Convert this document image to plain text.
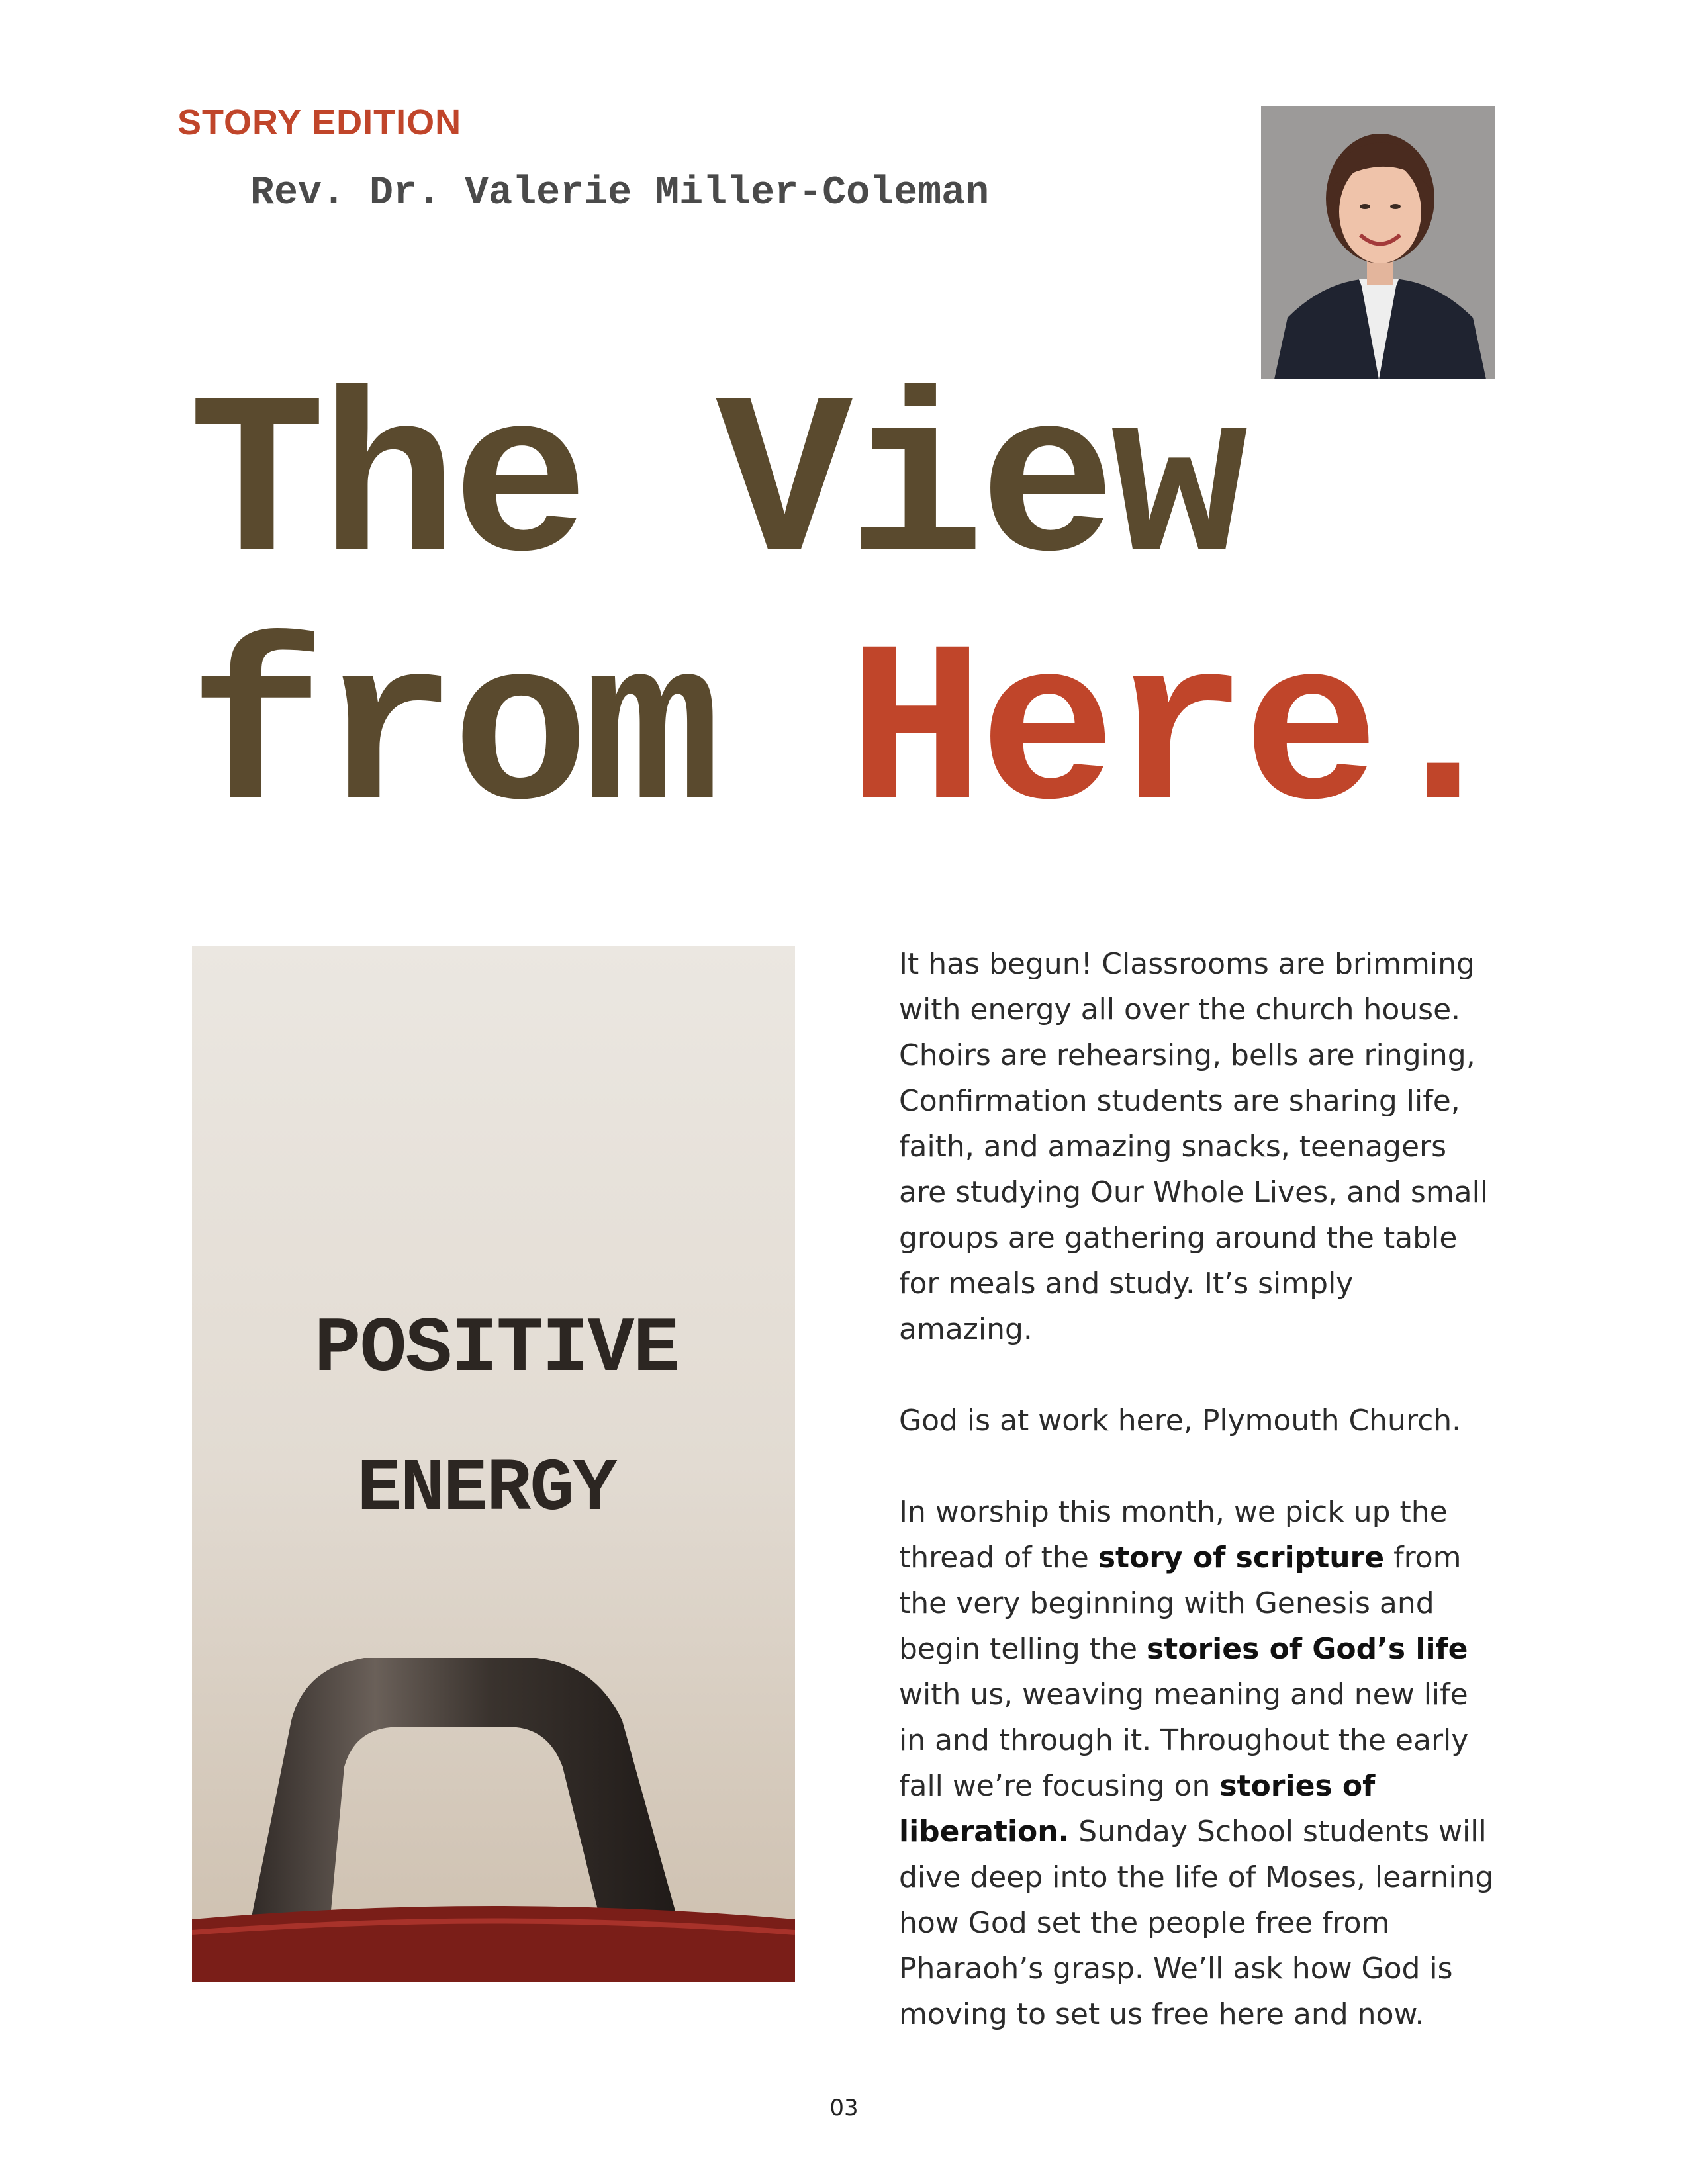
STORY EDITION
Rev. Dr. Valerie Miller-Coleman
The View
from Here.
POSITIVE
ENERGY

It has begun! Classrooms are brimming with energy all over the church house. Choirs are rehearsing, bells are ringing, Confirmation students are sharing life, faith, and amazing snacks, teenagers are studying Our Whole Lives, and small groups are gathering around the table for meals and study. It’s simply amazing.

God is at work here, Plymouth Church.

In worship this month, we pick up the thread of the story of scripture from the very beginning with Genesis and begin telling the stories of God’s life with us, weaving meaning and new life in and through it. Throughout the early fall we’re focusing on stories of liberation. Sunday School students will dive deep into the life of Moses, learning how God set the people free from Pharaoh’s grasp. We’ll ask how God is moving to set us free here and now.

03
